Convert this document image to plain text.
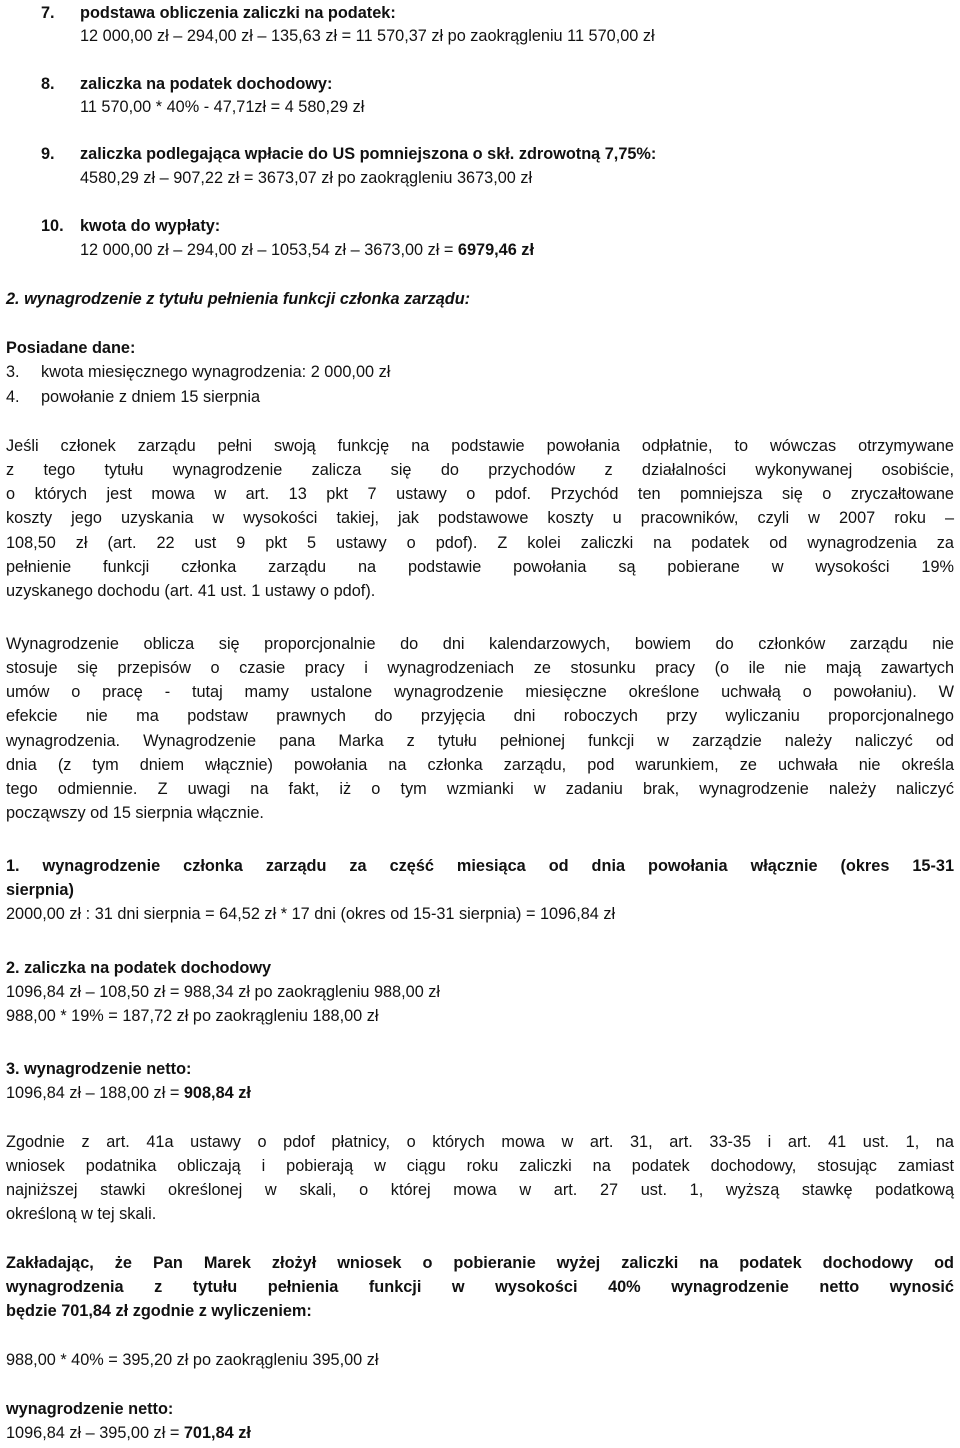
7. podstawa obliczenia zaliczki na podatek:
12 000,00 zł – 294,00 zł – 135,63 zł = 11 570,37 zł po zaokrągleniu 11 570,00 zł
8. zaliczka na podatek dochodowy:
11 570,00 * 40% - 47,71zł = 4 580,29 zł
9. zaliczka podlegająca wpłacie do US pomniejszona o skł. zdrowotną 7,75%:
4580,29 zł – 907,22 zł = 3673,07 zł po zaokrągleniu 3673,00 zł
10. kwota do wypłaty:
12 000,00 zł – 294,00 zł – 1053,54 zł – 3673,00 zł = 6979,46 zł
2. wynagrodzenie z tytułu pełnienia funkcji członka zarządu:
Posiadane dane:
3. kwota miesięcznego wynagrodzenia: 2 000,00 zł
4. powołanie z dniem 15 sierpnia
Jeśli członek zarządu pełni swoją funkcję na podstawie powołania odpłatnie, to wówczas otrzymywane
z tego tytułu wynagrodzenie zalicza się do przychodów z działalności wykonywanej osobiście,
o których jest mowa w art. 13 pkt 7 ustawy o pdof. Przychód ten pomniejsza się o zryczałtowane
koszty jego uzyskania w wysokości takiej, jak podstawowe koszty u pracowników, czyli w 2007 roku –
108,50 zł (art. 22 ust 9 pkt 5 ustawy o pdof). Z kolei zaliczki na podatek od wynagrodzenia za
pełnienie funkcji członka zarządu na podstawie powołania są pobierane w wysokości 19%
uzyskanego dochodu (art. 41 ust. 1 ustawy o pdof).
Wynagrodzenie oblicza się proporcjonalnie do dni kalendarzowych, bowiem do członków zarządu nie
stosuje się przepisów o czasie pracy i wynagrodzeniach ze stosunku pracy (o ile nie mają zawartych
umów o pracę - tutaj mamy ustalone wynagrodzenie miesięczne określone uchwałą o powołaniu). W
efekcie nie ma podstaw prawnych do przyjęcia dni roboczych przy wyliczaniu proporcjonalnego
wynagrodzenia. Wynagrodzenie pana Marka z tytułu pełnionej funkcji w zarządzie należy naliczyć od
dnia (z tym dniem włącznie) powołania na członka zarządu, pod warunkiem, ze uchwała nie określa
tego odmiennie. Z uwagi na fakt, iż o tym wzmianki w zadaniu brak, wynagrodzenie należy naliczyć
począwszy od 15 sierpnia włącznie.
1. wynagrodzenie członka zarządu za część miesiąca od dnia powołania włącznie (okres 15-31
sierpnia)
2000,00 zł : 31 dni sierpnia = 64,52 zł * 17 dni (okres od 15-31 sierpnia) = 1096,84 zł
2. zaliczka na podatek dochodowy
1096,84 zł – 108,50 zł = 988,34 zł po zaokrągleniu 988,00 zł
988,00 * 19% = 187,72 zł po zaokrągleniu 188,00 zł
3. wynagrodzenie netto:
1096,84 zł – 188,00 zł = 908,84 zł
Zgodnie z art. 41a ustawy o pdof płatnicy, o których mowa w art. 31, art. 33-35 i art. 41 ust. 1, na
wniosek podatnika obliczają i pobierają w ciągu roku zaliczki na podatek dochodowy, stosując zamiast
najniższej stawki określonej w skali, o której mowa w art. 27 ust. 1, wyższą stawkę podatkową
określoną w tej skali.
Zakładając, że Pan Marek złożył wniosek o pobieranie wyżej zaliczki na podatek dochodowy od
wynagrodzenia z tytułu pełnienia funkcji w wysokości 40% wynagrodzenie netto wynosić
będzie 701,84 zł zgodnie z wyliczeniem:
988,00 * 40% = 395,20 zł po zaokrągleniu 395,00 zł
wynagrodzenie netto:
1096,84 zł – 395,00 zł = 701,84 zł
